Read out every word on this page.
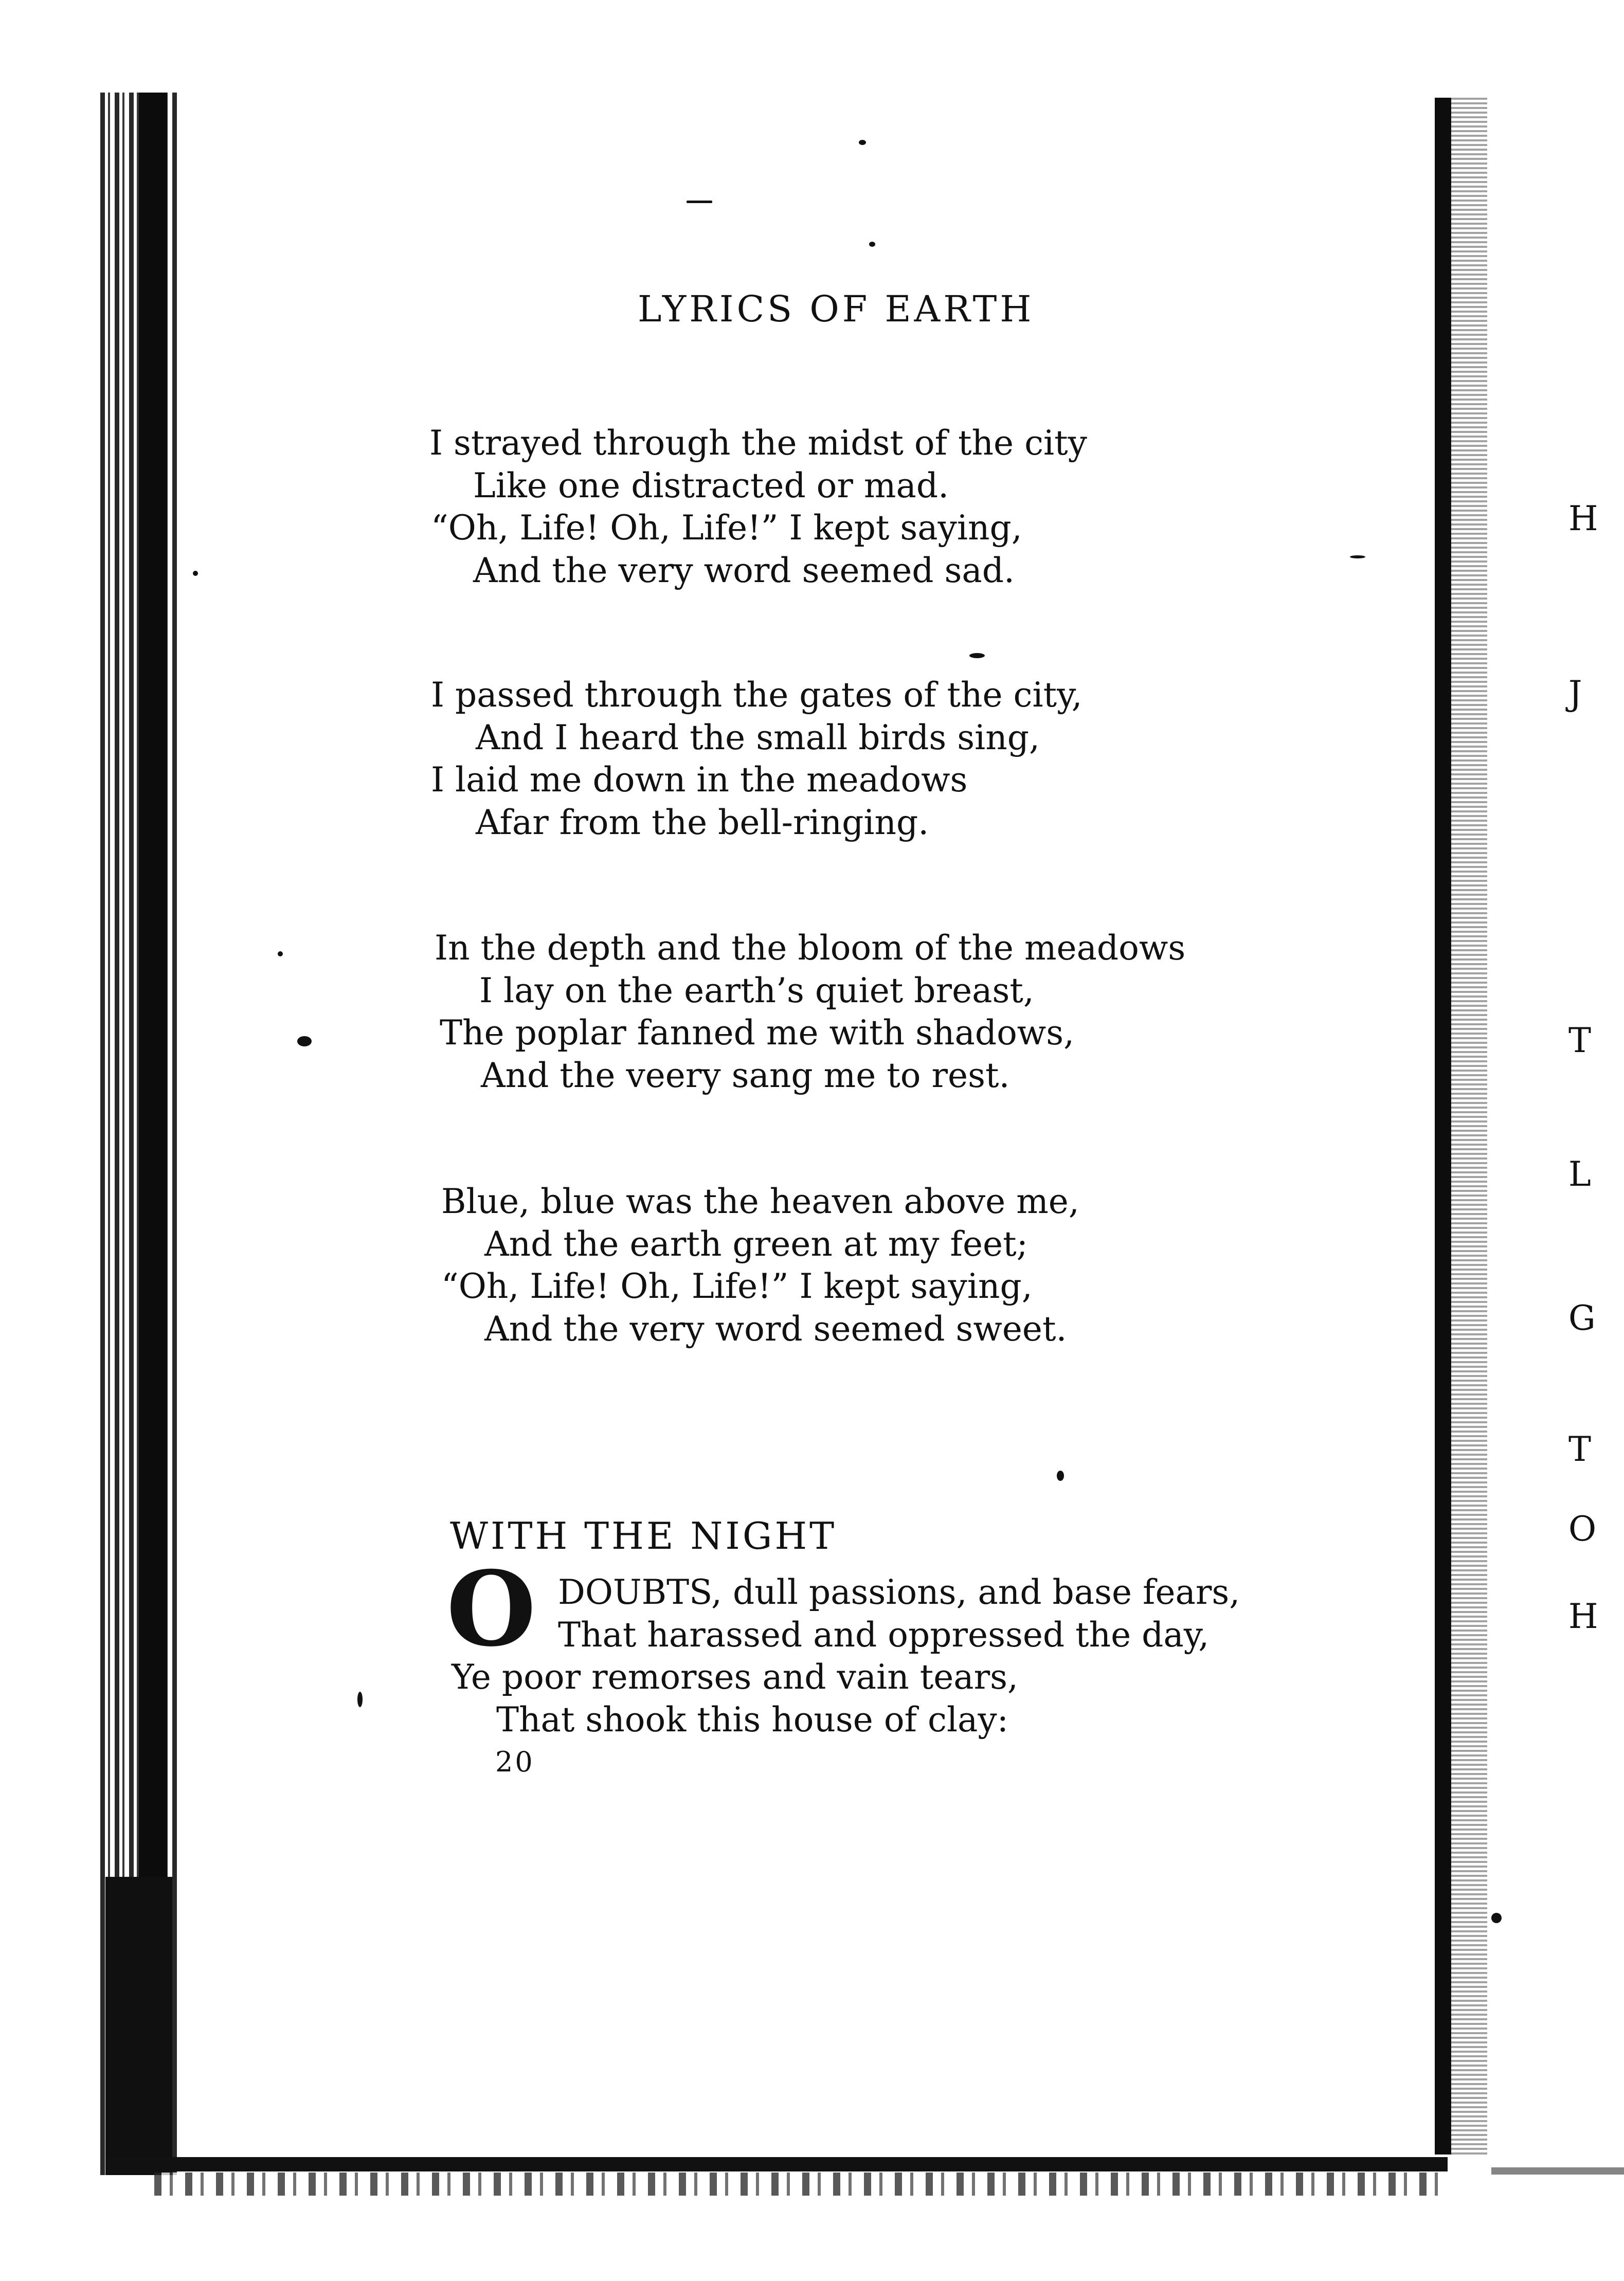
LYRICS OF EARTH
I strayed through the midst of the city
Like one distracted or mad.
“Oh, Life! Oh, Life!” I kept saying,
And the very word seemed sad.
I passed through the gates of the city,
And I heard the small birds sing,
I laid me down in the meadows
Afar from the bell-ringing.
In the depth and the bloom of the meadows
I lay on the earth’s quiet breast,
The poplar fanned me with shadows,
And the veery sang me to rest.
Blue, blue was the heaven above me,
And the earth green at my feet;
“Oh, Life! Oh, Life!” I kept saying,
And the very word seemed sweet.
WITH THE NIGHT
O DOUBTS, dull passions, and base fears,
That harassed and oppressed the day,
Ye poor remorses and vain tears,
That shook this house of clay:
20
H
J
T
L
G
T
O
H
